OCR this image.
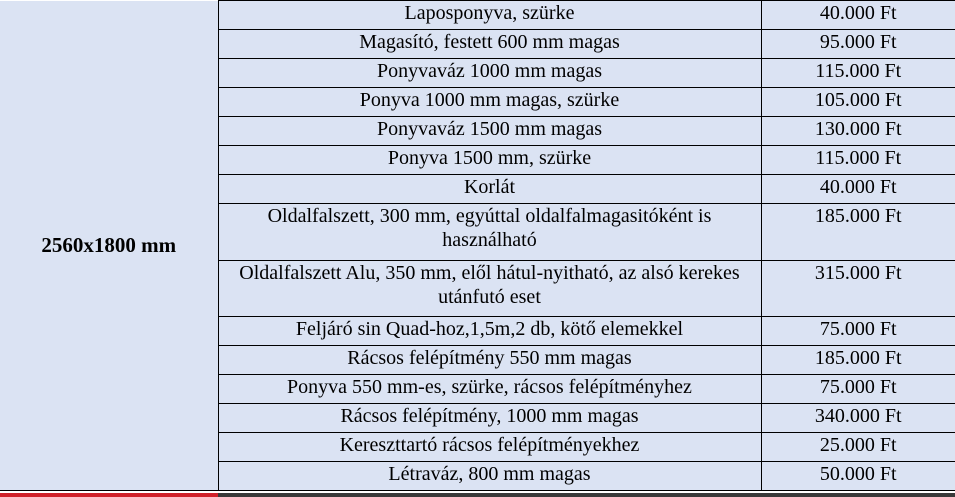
2560x1800 mm	Laposponyva, szürke	40.000 Ft
	Magasító, festett 600 mm magas	95.000 Ft
	Ponyvaváz 1000 mm magas	115.000 Ft
	Ponyva 1000 mm magas, szürke	105.000 Ft
	Ponyvaváz 1500 mm magas	130.000 Ft
	Ponyva 1500 mm, szürke	115.000 Ft
	Korlát	40.000 Ft
	Oldalfalszett, 300 mm, egyúttal oldalfalmagasitóként is használható	185.000 Ft
	Oldalfalszett Alu, 350 mm, elől hátul-nyitható, az alsó kerekes utánfutó eset	315.000 Ft
	Feljáró sin Quad-hoz,1,5m,2 db, kötő elemekkel	75.000 Ft
	Rácsos felépítmény 550 mm magas	185.000 Ft
	Ponyva 550 mm-es, szürke, rácsos felépítményhez	75.000 Ft
	Rácsos felépítmény, 1000 mm magas	340.000 Ft
	Kereszttartó rácsos felépítményekhez	25.000 Ft
	Létraváz, 800 mm magas	50.000 Ft
